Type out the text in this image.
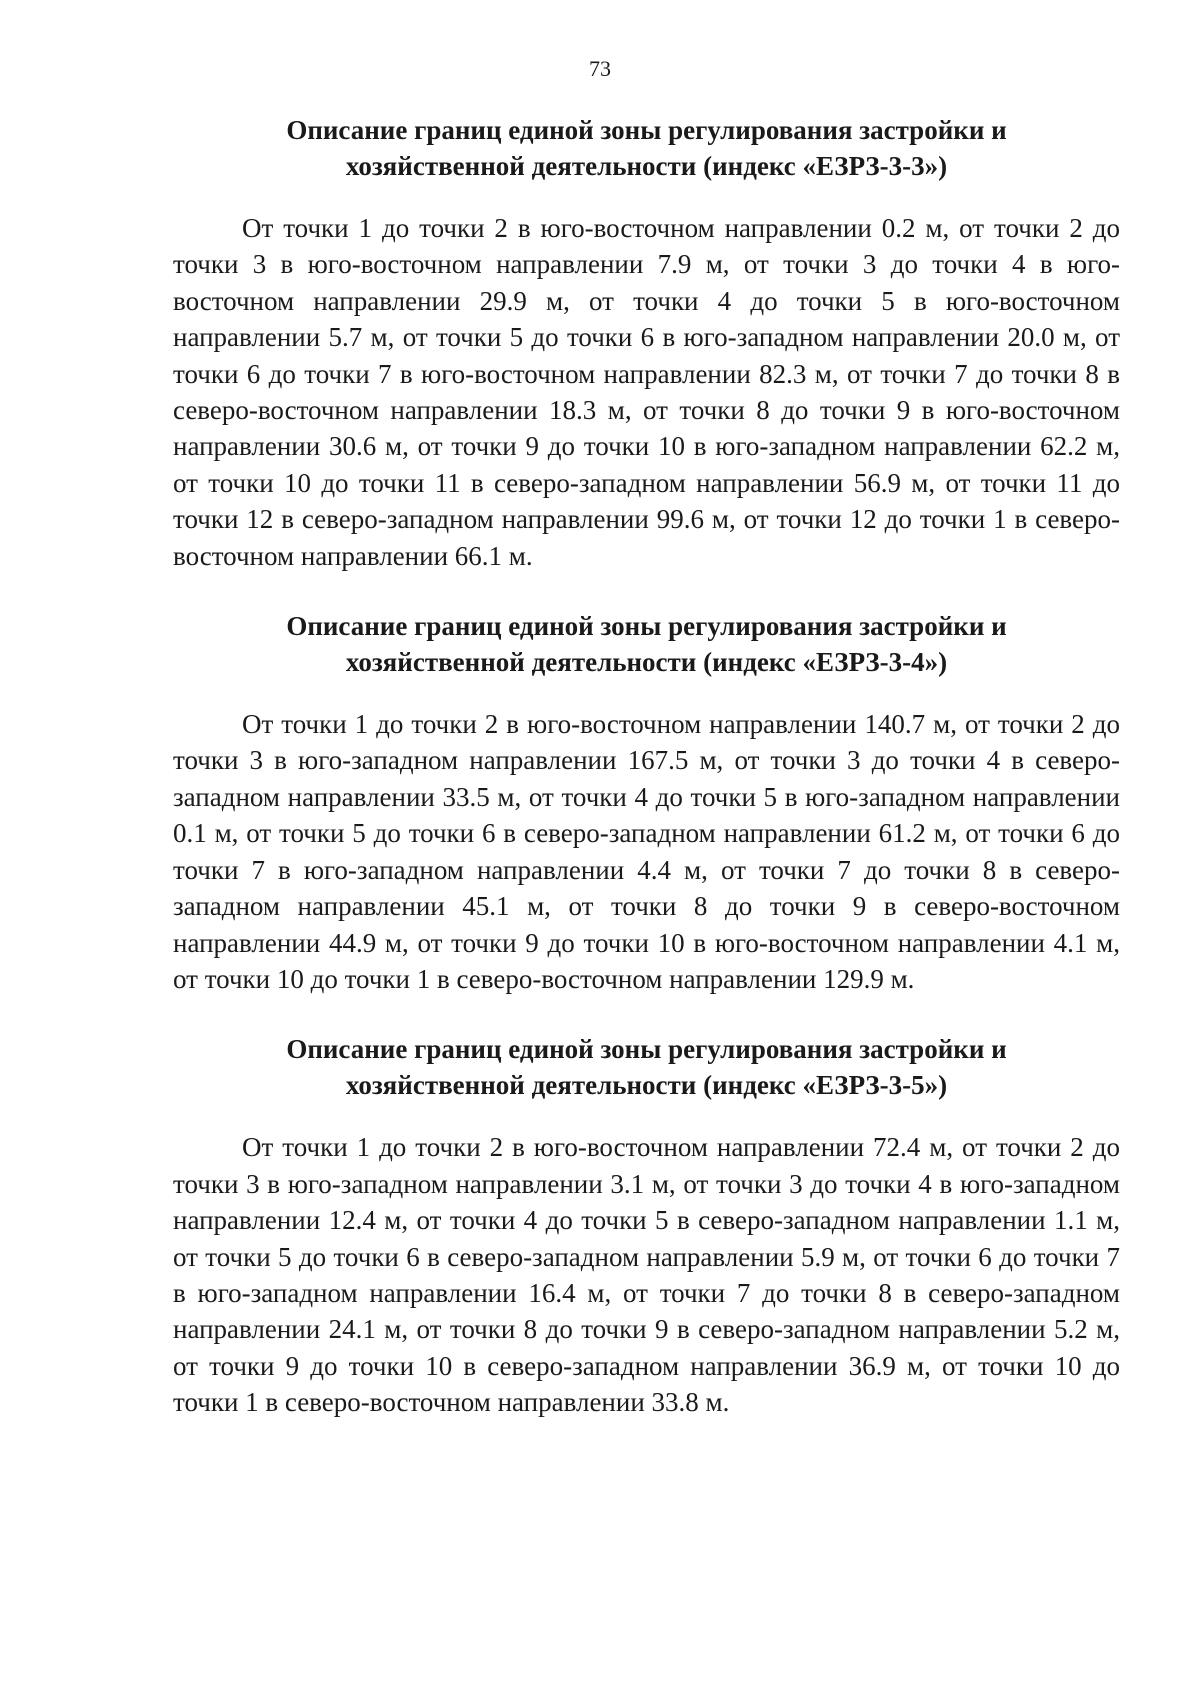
73
Описание границ единой зоны регулирования застройки и
хозяйственной деятельности (индекс «ЕЗРЗ-3-3»)

От точки 1 до точки 2 в юго-восточном направлении 0.2 м, от точки 2 до точки 3 в юго-восточном направлении 7.9 м, от точки 3 до точки 4 в юго-восточном направлении 29.9 м, от точки 4 до точки 5 в юго-восточном направлении 5.7 м, от точки 5 до точки 6 в юго-западном направлении 20.0 м, от точки 6 до точки 7 в юго-восточном направлении 82.3 м, от точки 7 до точки 8 в северо-восточном направлении 18.3 м, от точки 8 до точки 9 в юго-восточном направлении 30.6 м, от точки 9 до точки 10 в юго-западном направлении 62.2 м, от точки 10 до точки 11 в северо-западном направлении 56.9 м, от точки 11 до точки 12 в северо-западном направлении 99.6 м, от точки 12 до точки 1 в северо-восточном направлении 66.1 м.

Описание границ единой зоны регулирования застройки и
хозяйственной деятельности (индекс «ЕЗРЗ-3-4»)

От точки 1 до точки 2 в юго-восточном направлении 140.7 м, от точки 2 до точки 3 в юго-западном направлении 167.5 м, от точки 3 до точки 4 в северо-западном направлении 33.5 м, от точки 4 до точки 5 в юго-западном направлении 0.1 м, от точки 5 до точки 6 в северо-западном направлении 61.2 м, от точки 6 до точки 7 в юго-западном направлении 4.4 м, от точки 7 до точки 8 в северо-западном направлении 45.1 м, от точки 8 до точки 9 в северо-восточном направлении 44.9 м, от точки 9 до точки 10 в юго-восточном направлении 4.1 м, от точки 10 до точки 1 в северо-восточном направлении 129.9 м.

Описание границ единой зоны регулирования застройки и
хозяйственной деятельности (индекс «ЕЗРЗ-3-5»)

От точки 1 до точки 2 в юго-восточном направлении 72.4 м, от точки 2 до точки 3 в юго-западном направлении 3.1 м, от точки 3 до точки 4 в юго-западном направлении 12.4 м, от точки 4 до точки 5 в северо-западном направлении 1.1 м, от точки 5 до точки 6 в северо-западном направлении 5.9 м, от точки 6 до точки 7 в юго-западном направлении 16.4 м, от точки 7 до точки 8 в северо-западном направлении 24.1 м, от точки 8 до точки 9 в северо-западном направлении 5.2 м, от точки 9 до точки 10 в северо-западном направлении 36.9 м, от точки 10 до точки 1 в северо-восточном направлении 33.8 м.
